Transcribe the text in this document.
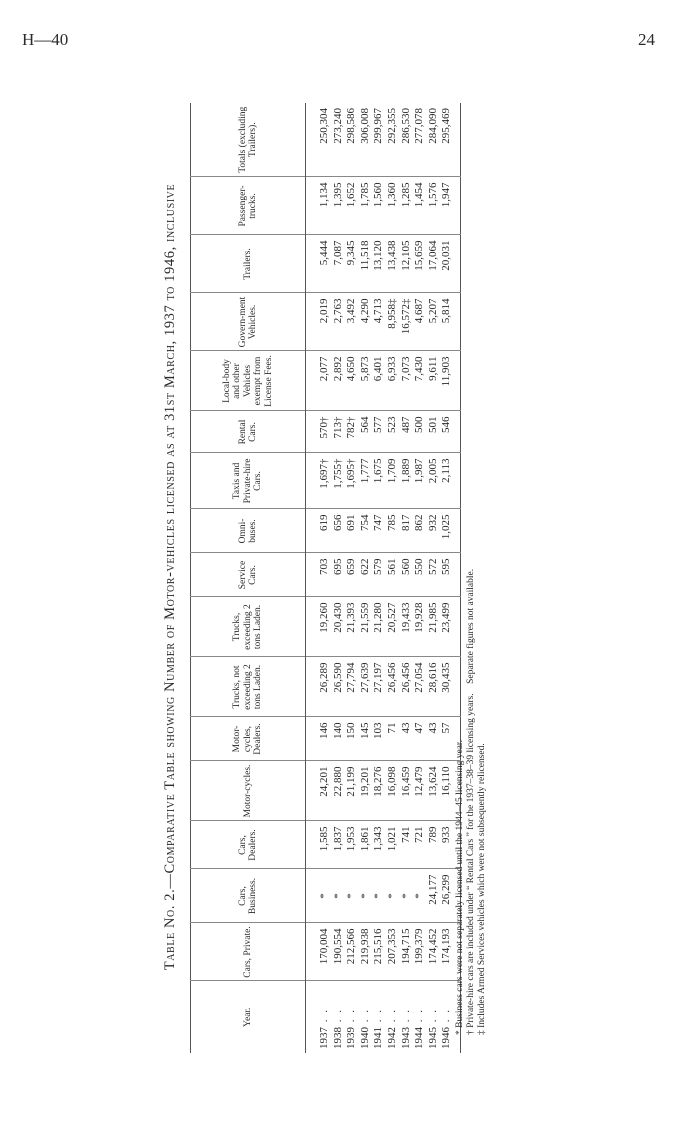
H—40	24
Table No. 2.—Comparative Table showing Number of Motor-vehicles licensed as at 31st March, 1937 to 1946, inclusive
Year.	Cars, Private.	Cars, Business.	Cars, Dealers.	Motor-cycles.	Motor-cycles, Dealers.	Trucks, not exceeding 2 tons Laden.	Trucks, exceeding 2 tons Laden.	Service Cars.	Omni-buses.	Taxis and Private-hire Cars.	Rental Cars.	Local-body and other Vehicles exempt from License Fees.	Govern-ment Vehicles.	Trailers.	Passenger-trucks.	Totals (excluding Trailers).
1937 . .	170,004	*	1,585	24,201	146	26,289	19,260	703	619	1,697†	570†	2,077	2,019	5,444	1,134	250,304
1938 . .	190,554	*	1,837	22,880	140	26,590	20,430	695	656	1,755†	713†	2,892	2,763	7,087	1,395	273,240
1939 . .	212,566	*	1,953	21,199	150	27,794	21,393	659	691	1,695†	782†	4,650	3,492	9,345	1,652	298,586
1940 . .	219,938	*	1,861	19,201	145	27,639	21,559	622	754	1,777	564	5,873	4,290	11,518	1,785	306,008
1941 . .	215,516	*	1,343	18,276	103	27,197	21,280	579	747	1,675	577	6,401	4,713	13,120	1,560	299,967
1942 . .	207,353	*	1,021	16,098	71	26,456	20,527	561	785	1,709	523	6,933	8,958‡	13,438	1,360	292,355
1943 . .	194,715	*	741	16,459	43	26,456	19,433	560	817	1,889	487	7,073	16,572‡	12,105	1,285	286,530
1944 . .	199,379	*	721	12,479	47	27,054	19,928	550	862	1,987	500	7,430	4,687	15,659	1,454	277,078
1945 . .	174,452	24,177	789	13,624	43	28,616	21,985	572	932	2,005	501	9,611	5,207	17,064	1,576	284,090
1946 . .	174,193	26,299	933	16,110	57	30,435	23,499	595	1,025	2,113	546	11,903	5,814	20,031	1,947	295,469
* Business cars were not separately licensed until the 1944–45 licensing year. † Private-hire cars are included under “ Rental Cars ” for the 1937–38–39 licensing years.    Separate figures not available. ‡ Includes Armed Services vehicles which were not subsequently relicensed.
